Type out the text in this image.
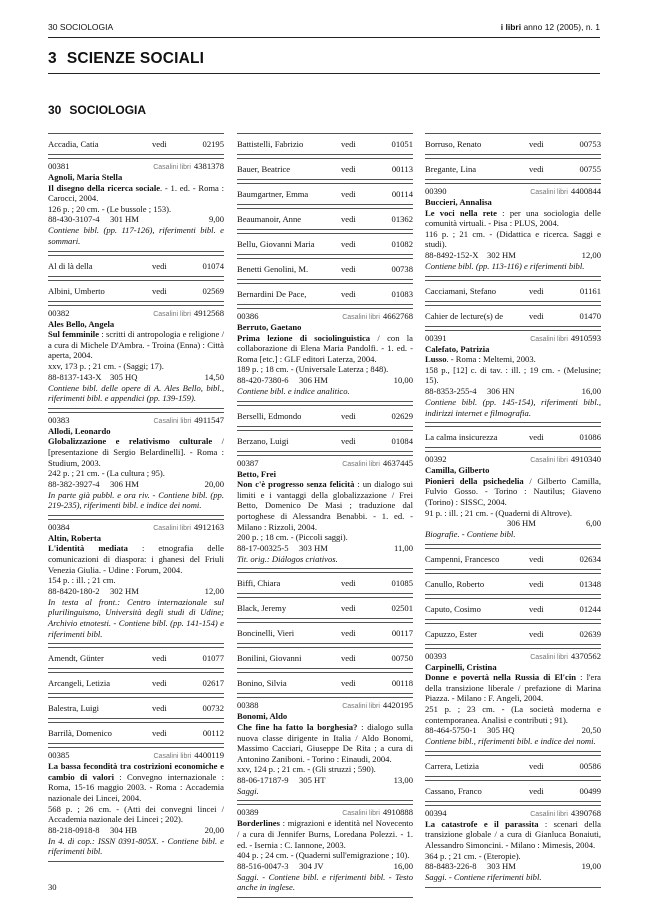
30 SOCIOLOGIA	i libri anno 12 (2005), n. 1
3 SCIENZE SOCIALI
30 SOCIOLOGIA
Accadia, Catia	vedi	02195
00381	Casalini libri 4381378
Agnoli, Maria Stella
Il disegno della ricerca sociale. - 1. ed. - Roma : Carocci, 2004.
126 p. ; 20 cm. - (Le bussole ; 153).
88-430-3107-4 301 HM	9,00
Contiene bibl. (pp. 117-126), riferimenti bibl. e sommari.
Al di là della	vedi	01074
Albini, Umberto	vedi	02569
00382	Casalini libri 4912568
Ales Bello, Angela
Sul femminile : scritti di antropologia e religione / a cura di Michele D'Ambra. - Troina (Enna) : Città aperta, 2004.
xxv, 173 p. ; 21 cm. - (Saggi; 17).
88-8137-143-X 305 HQ	14,50
Contiene bibl. delle opere di A. Ales Bello, bibl., riferimenti bibl. e appendici (pp. 139-159).
00383	Casalini libri 4911547
Allodi, Leonardo
Globalizzazione e relativismo culturale / [presentazione di Sergio Belardinelli]. - Roma : Studium, 2003.
242 p. ; 21 cm. - (La cultura ; 95).
88-382-3927-4 306 HM	20,00
In parte già pubbl. e ora riv. - Contiene bibl. (pp. 219-235), riferimenti bibl. e indice dei nomi.
00384	Casalini libri 4912163
Altin, Roberta
L'identità mediata : etnografia delle comunicazioni di diaspora: i ghanesi del Friuli Venezia Giulia. - Udine : Forum, 2004.
154 p. : ill. ; 21 cm.
88-8420-180-2 302 HM	12,00
In testa al front.: Centro internazionale sul plurilinguismo, Università degli studi di Udine; Archivio etnotesti. - Contiene bibl. (pp. 141-154) e riferimenti bibl.
Amendt, Günter	vedi	01077
Arcangeli, Letizia	vedi	02617
Balestra, Luigi	vedi	00732
Barrilà, Domenico	vedi	00112
00385	Casalini libri 4400119
La bassa fecondità tra costrizioni economiche e cambio di valori : Convegno internazionale : Roma, 15-16 maggio 2003. - Roma : Accademia nazionale dei Lincei, 2004.
568 p. ; 26 cm. - (Atti dei convegni lincei / Accademia nazionale dei Lincei ; 202).
88-218-0918-8 304 HB	20,00
In 4. di cop.: ISSN 0391-805X. - Contiene bibl. e riferimenti bibl.
Battistelli, Fabrizio	vedi	01051
Bauer, Beatrice	vedi	00113
Baumgartner, Emma	vedi	00114
Beaumanoir, Anne	vedi	01362
Bellu, Giovanni Maria	vedi	01082
Benetti Genolini, M.	vedi	00738
Bernardini De Pace,	vedi	01083
00386	Casalini libri 4662768
Berruto, Gaetano
Prima lezione di sociolinguistica / con la collaborazione di Elena Maria Pandolfi. - 1. ed. - Roma [etc.] : GLF editori Laterza, 2004.
189 p. ; 18 cm. - (Universale Laterza ; 848).
88-420-7380-6 306 HM	10,00
Contiene bibl. e indice analitico.
Berselli, Edmondo	vedi	02629
Berzano, Luigi	vedi	01084
00387	Casalini libri 4637445
Betto, Frei
Non c'è progresso senza felicità : un dialogo sui limiti e i vantaggi della globalizzazione / Frei Betto, Domenico De Masi ; traduzione dal portoghese di Alessandra Benabbi. - 1. ed. - Milano : Rizzoli, 2004.
200 p. ; 18 cm. - (Piccoli saggi).
88-17-00325-5 303 HM	11,00
Tit. orig.: Diálogos criativos.
Biffi, Chiara	vedi	01085
Black, Jeremy	vedi	02501
Boncinelli, Vieri	vedi	00117
Bonilini, Giovanni	vedi	00750
Bonino, Silvia	vedi	00118
00388	Casalini libri 4420195
Bonomi, Aldo
Che fine ha fatto la borghesia? : dialogo sulla nuova classe dirigente in Italia / Aldo Bonomi, Massimo Cacciari, Giuseppe De Rita ; a cura di Antonino Zaniboni. - Torino : Einaudi, 2004.
xxv, 124 p. ; 21 cm. - (Gli struzzi ; 590).
88-06-17187-9 305 HT	13,00
Saggi.
00389	Casalini libri 4910888
Borderlines : migrazioni e identità nel Novecento / a cura di Jennifer Burns, Loredana Polezzi. - 1. ed. - Isernia : C. Iannone, 2003.
404 p. ; 24 cm. - (Quaderni sull'emigrazione ; 10).
88-516-0047-3 304 JV	16,00
Saggi. - Contiene bibl. e riferimenti bibl. - Testo anche in inglese.
Borruso, Renato	vedi	00753
Bregante, Lina	vedi	00755
00390	Casalini libri 4400844
Buccieri, Annalisa
Le voci nella rete : per una sociologia delle comunità virtuali. - Pisa : PLUS, 2004.
116 p. ; 21 cm. - (Didattica e ricerca. Saggi e studi).
88-8492-152-X 302 HM	12,00
Contiene bibl. (pp. 113-116) e riferimenti bibl.
Cacciamani, Stefano	vedi	01161
Cahier de lecture(s) de	vedi	01470
00391	Casalini libri 4910593
Calefato, Patrizia
Lusso. - Roma : Meltemi, 2003.
158 p., [12] c. di tav. : ill. ; 19 cm. - (Melusine; 15).
88-8353-255-4 306 HN	16,00
Contiene bibl. (pp. 145-154), riferimenti bibl., indirizzi internet e filmografia.
La calma insicurezza	vedi	01086
00392	Casalini libri 4910340
Camilla, Gilberto
Pionieri della psichedelia / Gilberto Camilla, Fulvio Gosso. - Torino : Nautilus; Giaveno (Torino) : SISSC, 2004.
91 p. : ill. ; 21 cm. - (Quaderni di Altrove).
306 HM	6,00
Biografie. - Contiene bibl.
Campenni, Francesco	vedi	02634
Canullo, Roberto	vedi	01348
Caputo, Cosimo	vedi	01244
Capuzzo, Ester	vedi	02639
00393	Casalini libri 4370562
Carpinelli, Cristina
Donne e povertà nella Russia di El'cin : l'era della transizione liberale / prefazione di Marina Piazza. - Milano : F. Angeli, 2004.
251 p. ; 23 cm. - (La società moderna e contemporanea. Analisi e contributi ; 91).
88-464-5750-1 305 HQ	20,50
Contiene bibl., riferimenti bibl. e indice dei nomi.
Carrera, Letizia	vedi	00586
Cassano, Franco	vedi	00499
00394	Casalini libri 4390768
La catastrofe e il parassita : scenari della transizione globale / a cura di Gianluca Bonaiuti, Alessandro Simoncini. - Milano : Mimesis, 2004.
364 p. ; 21 cm. - (Eteropie).
88-8483-226-8 303 HM	19,00
Saggi. - Contiene riferimenti bibl.
30
